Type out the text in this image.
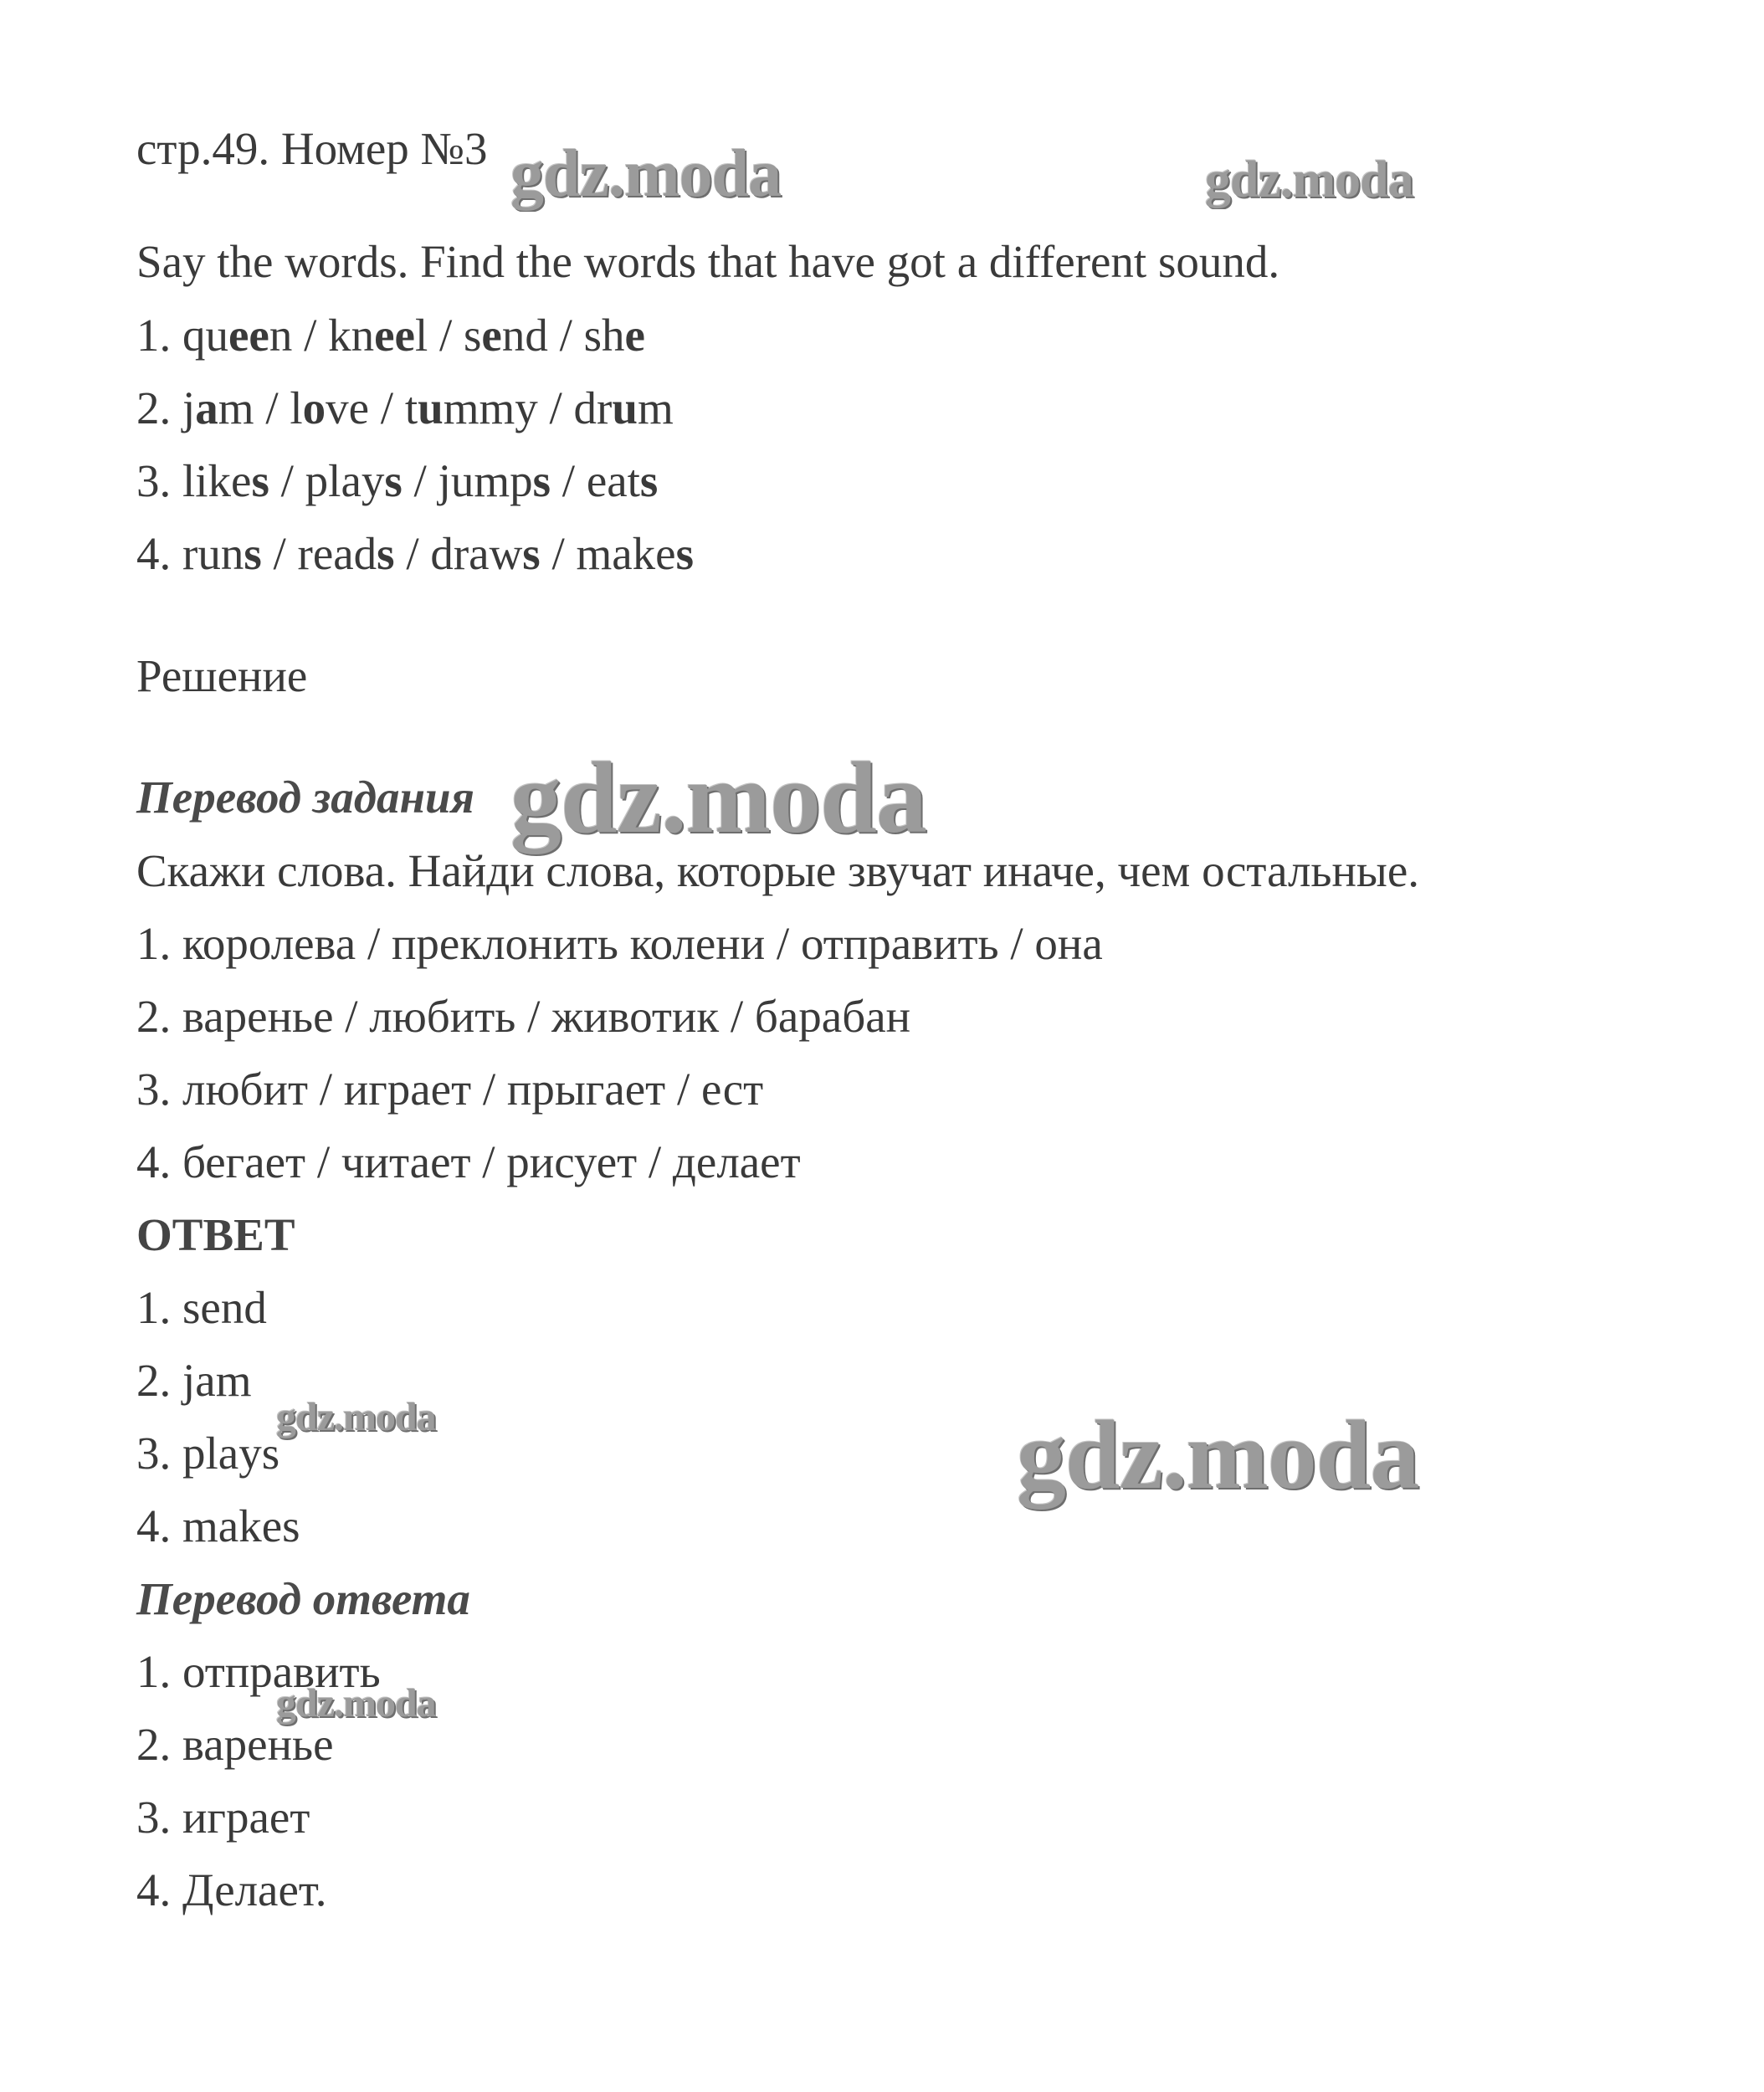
стр.49. Номер №3
Say the words. Find the words that have got a different sound.
1. queen / kneel / send / she
2. jam / love / tummy / drum
3. likes / plays / jumps / eats
4. runs / reads / draws / makes
Решение
Перевод задания
Скажи слова. Найди слова, которые звучат иначе, чем остальные.
1. королева / преклонить колени / отправить / она
2. варенье / любить / животик / барабан
3. любит / играет / прыгает / ест
4. бегает / читает / рисует / делает
ОТВЕТ
1. send
2. jam
3. plays
4. makes
Перевод ответа
1. отправить
2. варенье
3. играет
4. Делает.
gdz.moda	gdz.moda
gdz.moda
gdz.moda	gdz.moda
gdz.moda
